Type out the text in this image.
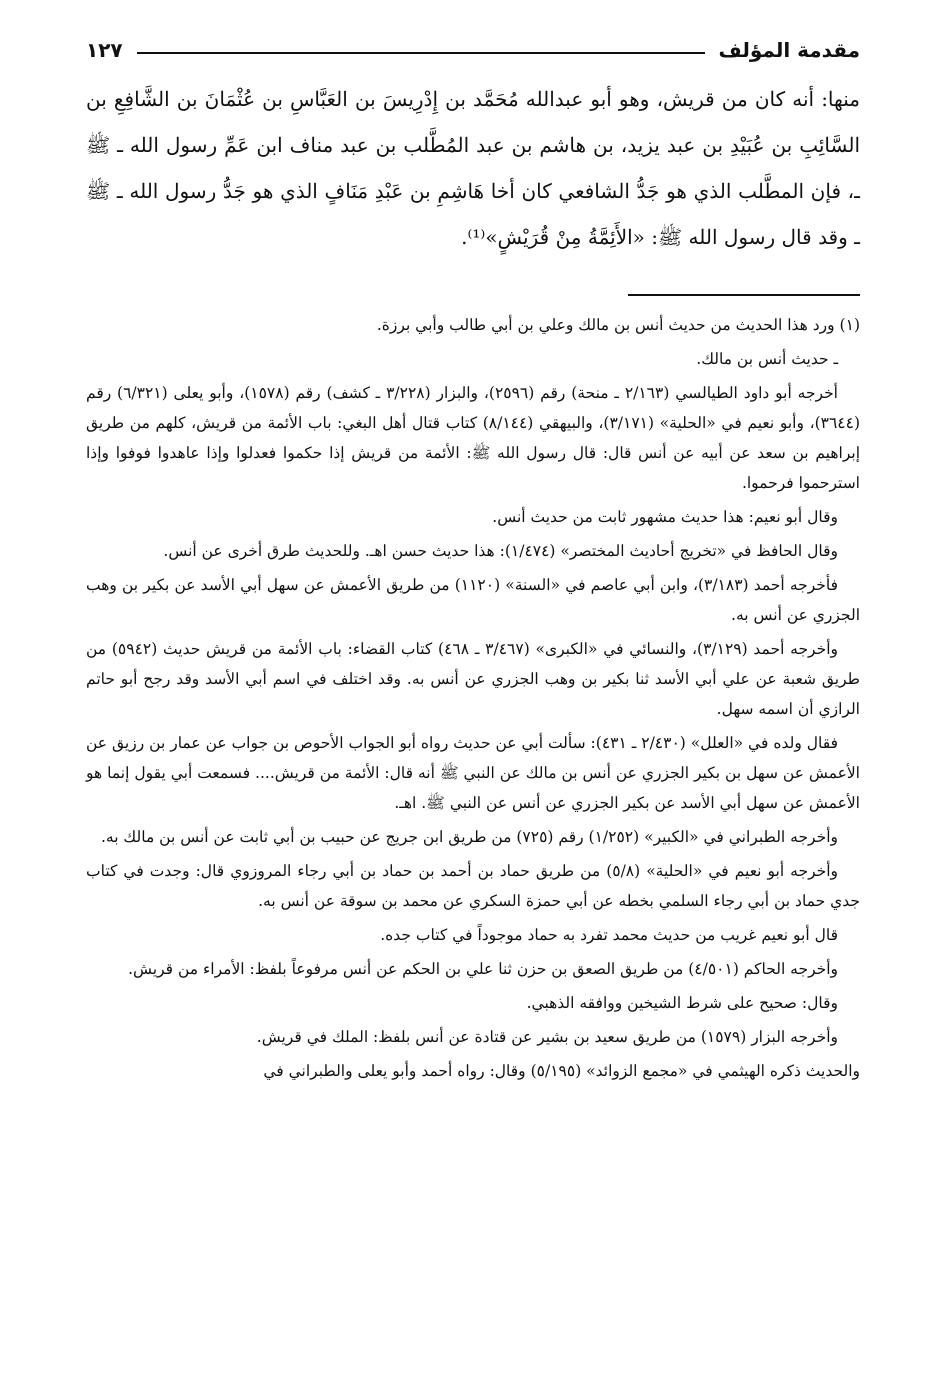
مقدمة المؤلف
١٢٧

منها: أنه كان من قريش، وهو أبو عبدالله مُحَمَّد بن إِدْرِيسَ بن العَبَّاسِ بن عُثْمَانَ بن الشَّافِعِ بن السَّائِبِ بن عُبَيْدِ بن عبد يزيد، بن هاشم بن عبد المُطَّلب بن عبد مناف ابن عَمِّ رسول الله ـ ﷺ ـ، فإن المطَّلب الذي هو جَدُّ الشافعي كان أخا هَاشِمِ بن عَبْدِ مَنَافٍ الذي هو جَدُّ رسول الله ـ ﷺ ـ وقد قال رسول الله ﷺ: «الأَئِمَّةُ مِنْ قُرَيْشٍ»⁽¹⁾.

(١) ورد هذا الحديث من حديث أنس بن مالك وعلي بن أبي طالب وأبي برزة.

ـ حديث أنس بن مالك.

أخرجه أبو داود الطيالسي (٢/١٦٣ ـ منحة) رقم (٢٥٩٦)، والبزار (٣/٢٢٨ ـ كشف) رقم (١٥٧٨)، وأبو يعلى (٦/٣٢١) رقم (٣٦٤٤)، وأبو نعيم في «الحلية» (٣/١٧١)، والبيهقي (٨/١٤٤) كتاب قتال أهل البغي: باب الأئمة من قريش، كلهم من طريق إبراهيم بن سعد عن أبيه عن أنس قال: قال رسول الله ﷺ: الأئمة من قريش إذا حكموا فعدلوا وإذا عاهدوا فوفوا وإذا استرحموا فرحموا.

وقال أبو نعيم: هذا حديث مشهور ثابت من حديث أنس.

وقال الحافظ في «تخريج أحاديث المختصر» (١/٤٧٤): هذا حديث حسن اهـ. وللحديث طرق أخرى عن أنس.

فأخرجه أحمد (٣/١٨٣)، وابن أبي عاصم في «السنة» (١١٢٠) من طريق الأعمش عن سهل أبي الأسد عن بكير بن وهب الجزري عن أنس به.

وأخرجه أحمد (٣/١٢٩)، والنسائي في «الكبرى» (٣/٤٦٧ ـ ٤٦٨) كتاب القضاء: باب الأئمة من قريش حديث (٥٩٤٢) من طريق شعبة عن علي أبي الأسد ثنا بكير بن وهب الجزري عن أنس به. وقد اختلف في اسم أبي الأسد وقد رجح أبو حاتم الرازي أن اسمه سهل.

فقال ولده في «العلل» (٢/٤٣٠ ـ ٤٣١): سألت أبي عن حديث رواه أبو الجواب الأحوص بن جواب عن عمار بن رزيق عن الأعمش عن سهل بن بكير الجزري عن أنس بن مالك عن النبي ﷺ أنه قال: الأئمة من قريش.... فسمعت أبي يقول إنما هو الأعمش عن سهل أبي الأسد عن بكير الجزري عن أنس عن النبي ﷺ. اهـ.

وأخرجه الطبراني في «الكبير» (١/٢٥٢) رقم (٧٢٥) من طريق ابن جريج عن حبيب بن أبي ثابت عن أنس بن مالك به.

وأخرجه أبو نعيم في «الحلية» (٥/٨) من طريق حماد بن أحمد بن حماد بن أبي رجاء المروزوي قال: وجدت في كتاب جدي حماد بن أبي رجاء السلمي بخطه عن أبي حمزة السكري عن محمد بن سوقة عن أنس به.

قال أبو نعيم غريب من حديث محمد تفرد به حماد موجوداً في كتاب جده.

وأخرجه الحاكم (٤/٥٠١) من طريق الصعق بن حزن ثنا علي بن الحكم عن أنس مرفوعاً بلفظ: الأمراء من قريش.

وقال: صحيح على شرط الشيخين ووافقه الذهبي.

وأخرجه البزار (١٥٧٩) من طريق سعيد بن بشير عن قتادة عن أنس بلفظ: الملك في قريش.

والحديث ذكره الهيثمي في «مجمع الزوائد» (٥/١٩٥) وقال: رواه أحمد وأبو يعلى والطبراني في
